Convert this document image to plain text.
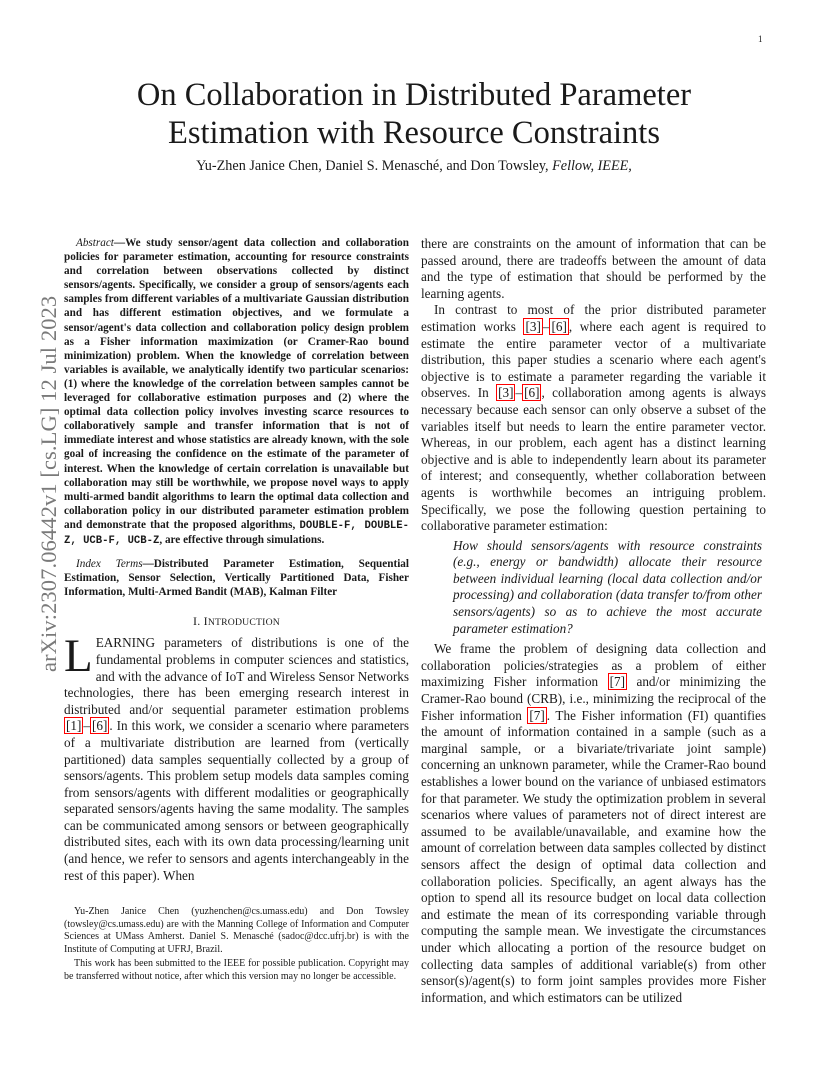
1
arXiv:2307.06442v1 [cs.LG] 12 Jul 2023
On Collaboration in Distributed Parameter
Estimation with Resource Constraints
Yu-Zhen Janice Chen, Daniel S. Menasché, and Don Towsley, Fellow, IEEE,

Abstract—We study sensor/agent data collection and collaboration policies for parameter estimation, accounting for resource constraints and correlation between observations collected by distinct sensors/agents. Specifically, we consider a group of sensors/agents each samples from different variables of a multivariate Gaussian distribution and has different estimation objectives, and we formulate a sensor/agent's data collection and collaboration policy design problem as a Fisher information maximization (or Cramer-Rao bound minimization) problem. When the knowledge of correlation between variables is available, we analytically identify two particular scenarios: (1) where the knowledge of the correlation between samples cannot be leveraged for collaborative estimation purposes and (2) where the optimal data collection policy involves investing scarce resources to collaboratively sample and transfer information that is not of immediate interest and whose statistics are already known, with the sole goal of increasing the confidence on the estimate of the parameter of interest. When the knowledge of certain correlation is unavailable but collaboration may still be worthwhile, we propose novel ways to apply multi-armed bandit algorithms to learn the optimal data collection and collaboration policy in our distributed parameter estimation problem and demonstrate that the proposed algorithms, DOUBLE-F, DOUBLE-Z, UCB-F, UCB-Z, are effective through simulations.

Index Terms—Distributed Parameter Estimation, Sequential Estimation, Sensor Selection, Vertically Partitioned Data, Fisher Information, Multi-Armed Bandit (MAB), Kalman Filter

I. INTRODUCTION

LEARNING parameters of distributions is one of the fundamental problems in computer sciences and statistics, and with the advance of IoT and Wireless Sensor Networks technologies, there has been emerging research interest in distributed and/or sequential parameter estimation problems [1] – [6] . In this work, we consider a scenario where parameters of a multivariate distribution are learned from (vertically partitioned) data samples sequentially collected by a group of sensors/agents. This problem setup models data samples coming from sensors/agents with different modalities or geographically separated sensors/agents having the same modality. The samples can be communicated among sensors or between geographically distributed sites, each with its own data processing/learning unit (and hence, we refer to sensors and agents interchangeably in the rest of this paper). When

Yu-Zhen Janice Chen (yuzhenchen@cs.umass.edu) and Don Towsley (towsley@cs.umass.edu) are with the Manning College of Information and Computer Sciences at UMass Amherst. Daniel S. Menasché (sadoc@dcc.ufrj.br) is with the Institute of Computing at UFRJ, Brazil.

This work has been submitted to the IEEE for possible publication. Copyright may be transferred without notice, after which this version may no longer be accessible.

there are constraints on the amount of information that can be passed around, there are tradeoffs between the amount of data and the type of estimation that should be performed by the learning agents.

In contrast to most of the prior distributed parameter estimation works [3] – [6] , where each agent is required to estimate the entire parameter vector of a multivariate distribution, this paper studies a scenario where each agent's objective is to estimate a parameter regarding the variable it observes. In [3] – [6] , collaboration among agents is always necessary because each sensor can only observe a subset of the variables itself but needs to learn the entire parameter vector. Whereas, in our problem, each agent has a distinct learning objective and is able to independently learn about its parameter of interest; and consequently, whether collaboration between agents is worthwhile becomes an intriguing problem. Specifically, we pose the following question pertaining to collaborative parameter estimation:

How should sensors/agents with resource constraints (e.g., energy or bandwidth) allocate their resource between individual learning (local data collection and/or processing) and collaboration (data transfer to/from other sensors/agents) so as to achieve the most accurate parameter estimation?

We frame the problem of designing data collection and collaboration policies/strategies as a problem of either maximizing Fisher information [7] and/or minimizing the Cramer-Rao bound (CRB), i.e., minimizing the reciprocal of the Fisher information [7] . The Fisher information (FI) quantifies the amount of information contained in a sample (such as a marginal sample, or a bivariate/trivariate joint sample) concerning an unknown parameter, while the Cramer-Rao bound establishes a lower bound on the variance of unbiased estimators for that parameter. We study the optimization problem in several scenarios where values of parameters not of direct interest are assumed to be available/unavailable, and examine how the amount of correlation between data samples collected by distinct sensors affect the design of optimal data collection and collaboration policies. Specifically, an agent always has the option to spend all its resource budget on local data collection and estimate the mean of its corresponding variable through computing the sample mean. We investigate the circumstances under which allocating a portion of the resource budget on collecting data samples of additional variable(s) from other sensor(s)/agent(s) to form joint samples provides more Fisher information, and which estimators can be utilized
